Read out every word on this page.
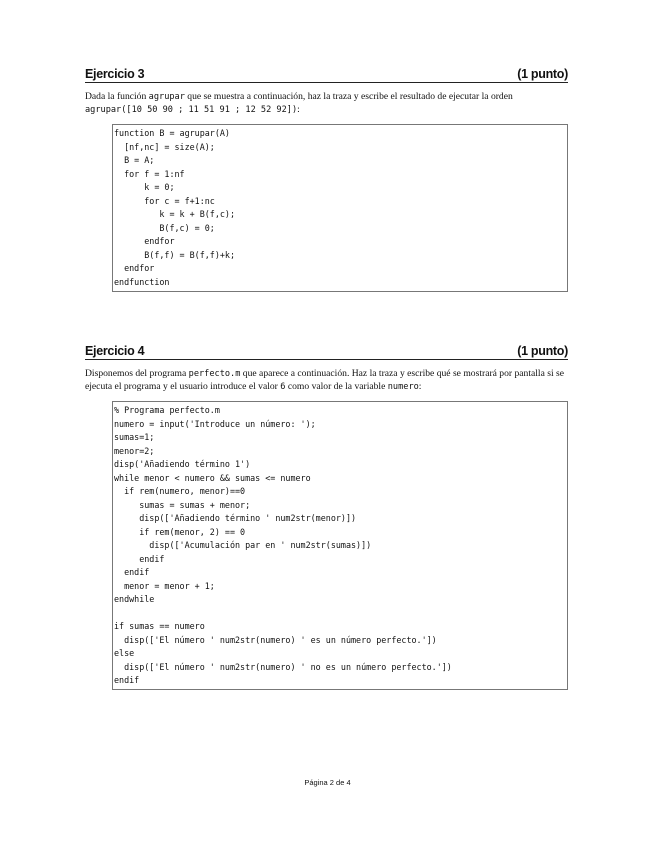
Ejercicio 3	(1 punto)
Dada la función agrupar que se muestra a continuación, haz la traza y escribe el resultado de ejecutar la orden agrupar([10 50 90 ; 11 51 91 ; 12 52 92]):
function B = agrupar(A)
[nf,nc] = size(A);
B = A;
for f = 1:nf
k = 0;
for c = f+1:nc
k = k + B(f,c);
B(f,c) = 0;
endfor
B(f,f) = B(f,f)+k;
endfor
endfunction
Ejercicio 4	(1 punto)
Disponemos del programa perfecto.m que aparece a continuación. Haz la traza y escribe qué se mostrará por pantalla si se ejecuta el programa y el usuario introduce el valor 6 como valor de la variable numero:
% Programa perfecto.m
numero = input('Introduce un número: ');
sumas=1;
menor=2;
disp('Añadiendo término 1')
while menor < numero && sumas <= numero
if rem(numero, menor)==0
sumas = sumas + menor;
disp(['Añadiendo término ' num2str(menor)])
if rem(menor, 2) == 0
disp(['Acumulación par en ' num2str(sumas)])
endif
endif
menor = menor + 1;
endwhile

if sumas == numero
disp(['El número ' num2str(numero) ' es un número perfecto.'])
else
disp(['El número ' num2str(numero) ' no es un número perfecto.'])
endif
Página 2 de 4
